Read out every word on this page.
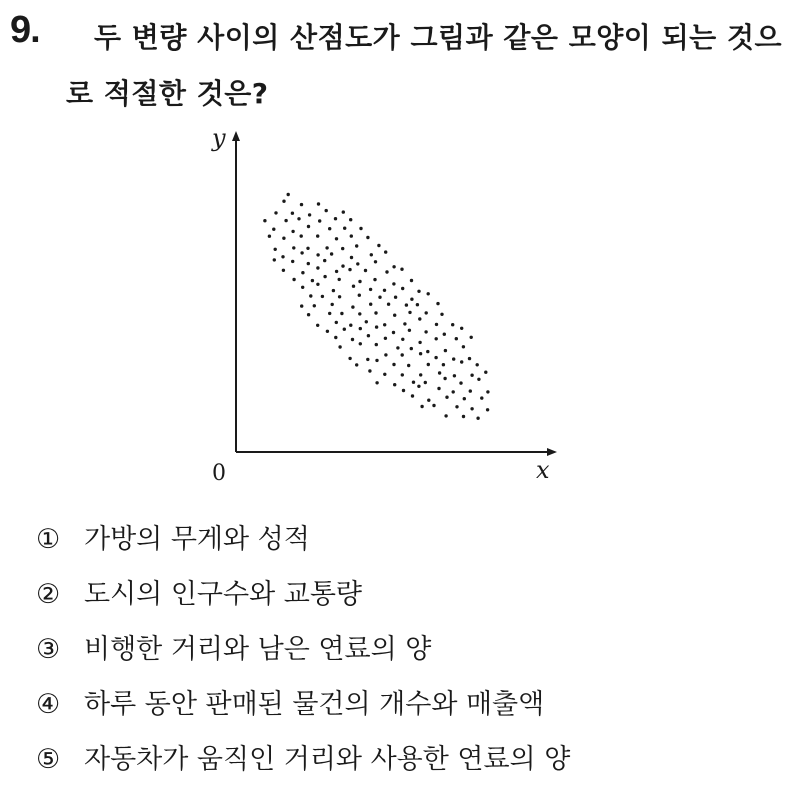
9.	두 변량 사이의 산점도가 그림과 같은 모양이 되는 것으로 적절한 것은?
x
y
0
① 가방의 무게와 성적
② 도시의 인구수와 교통량
③ 비행한 거리와 남은 연료의 양
④ 하루 동안 판매된 물건의 개수와 매출액
⑤ 자동차가 움직인 거리와 사용한 연료의 양
